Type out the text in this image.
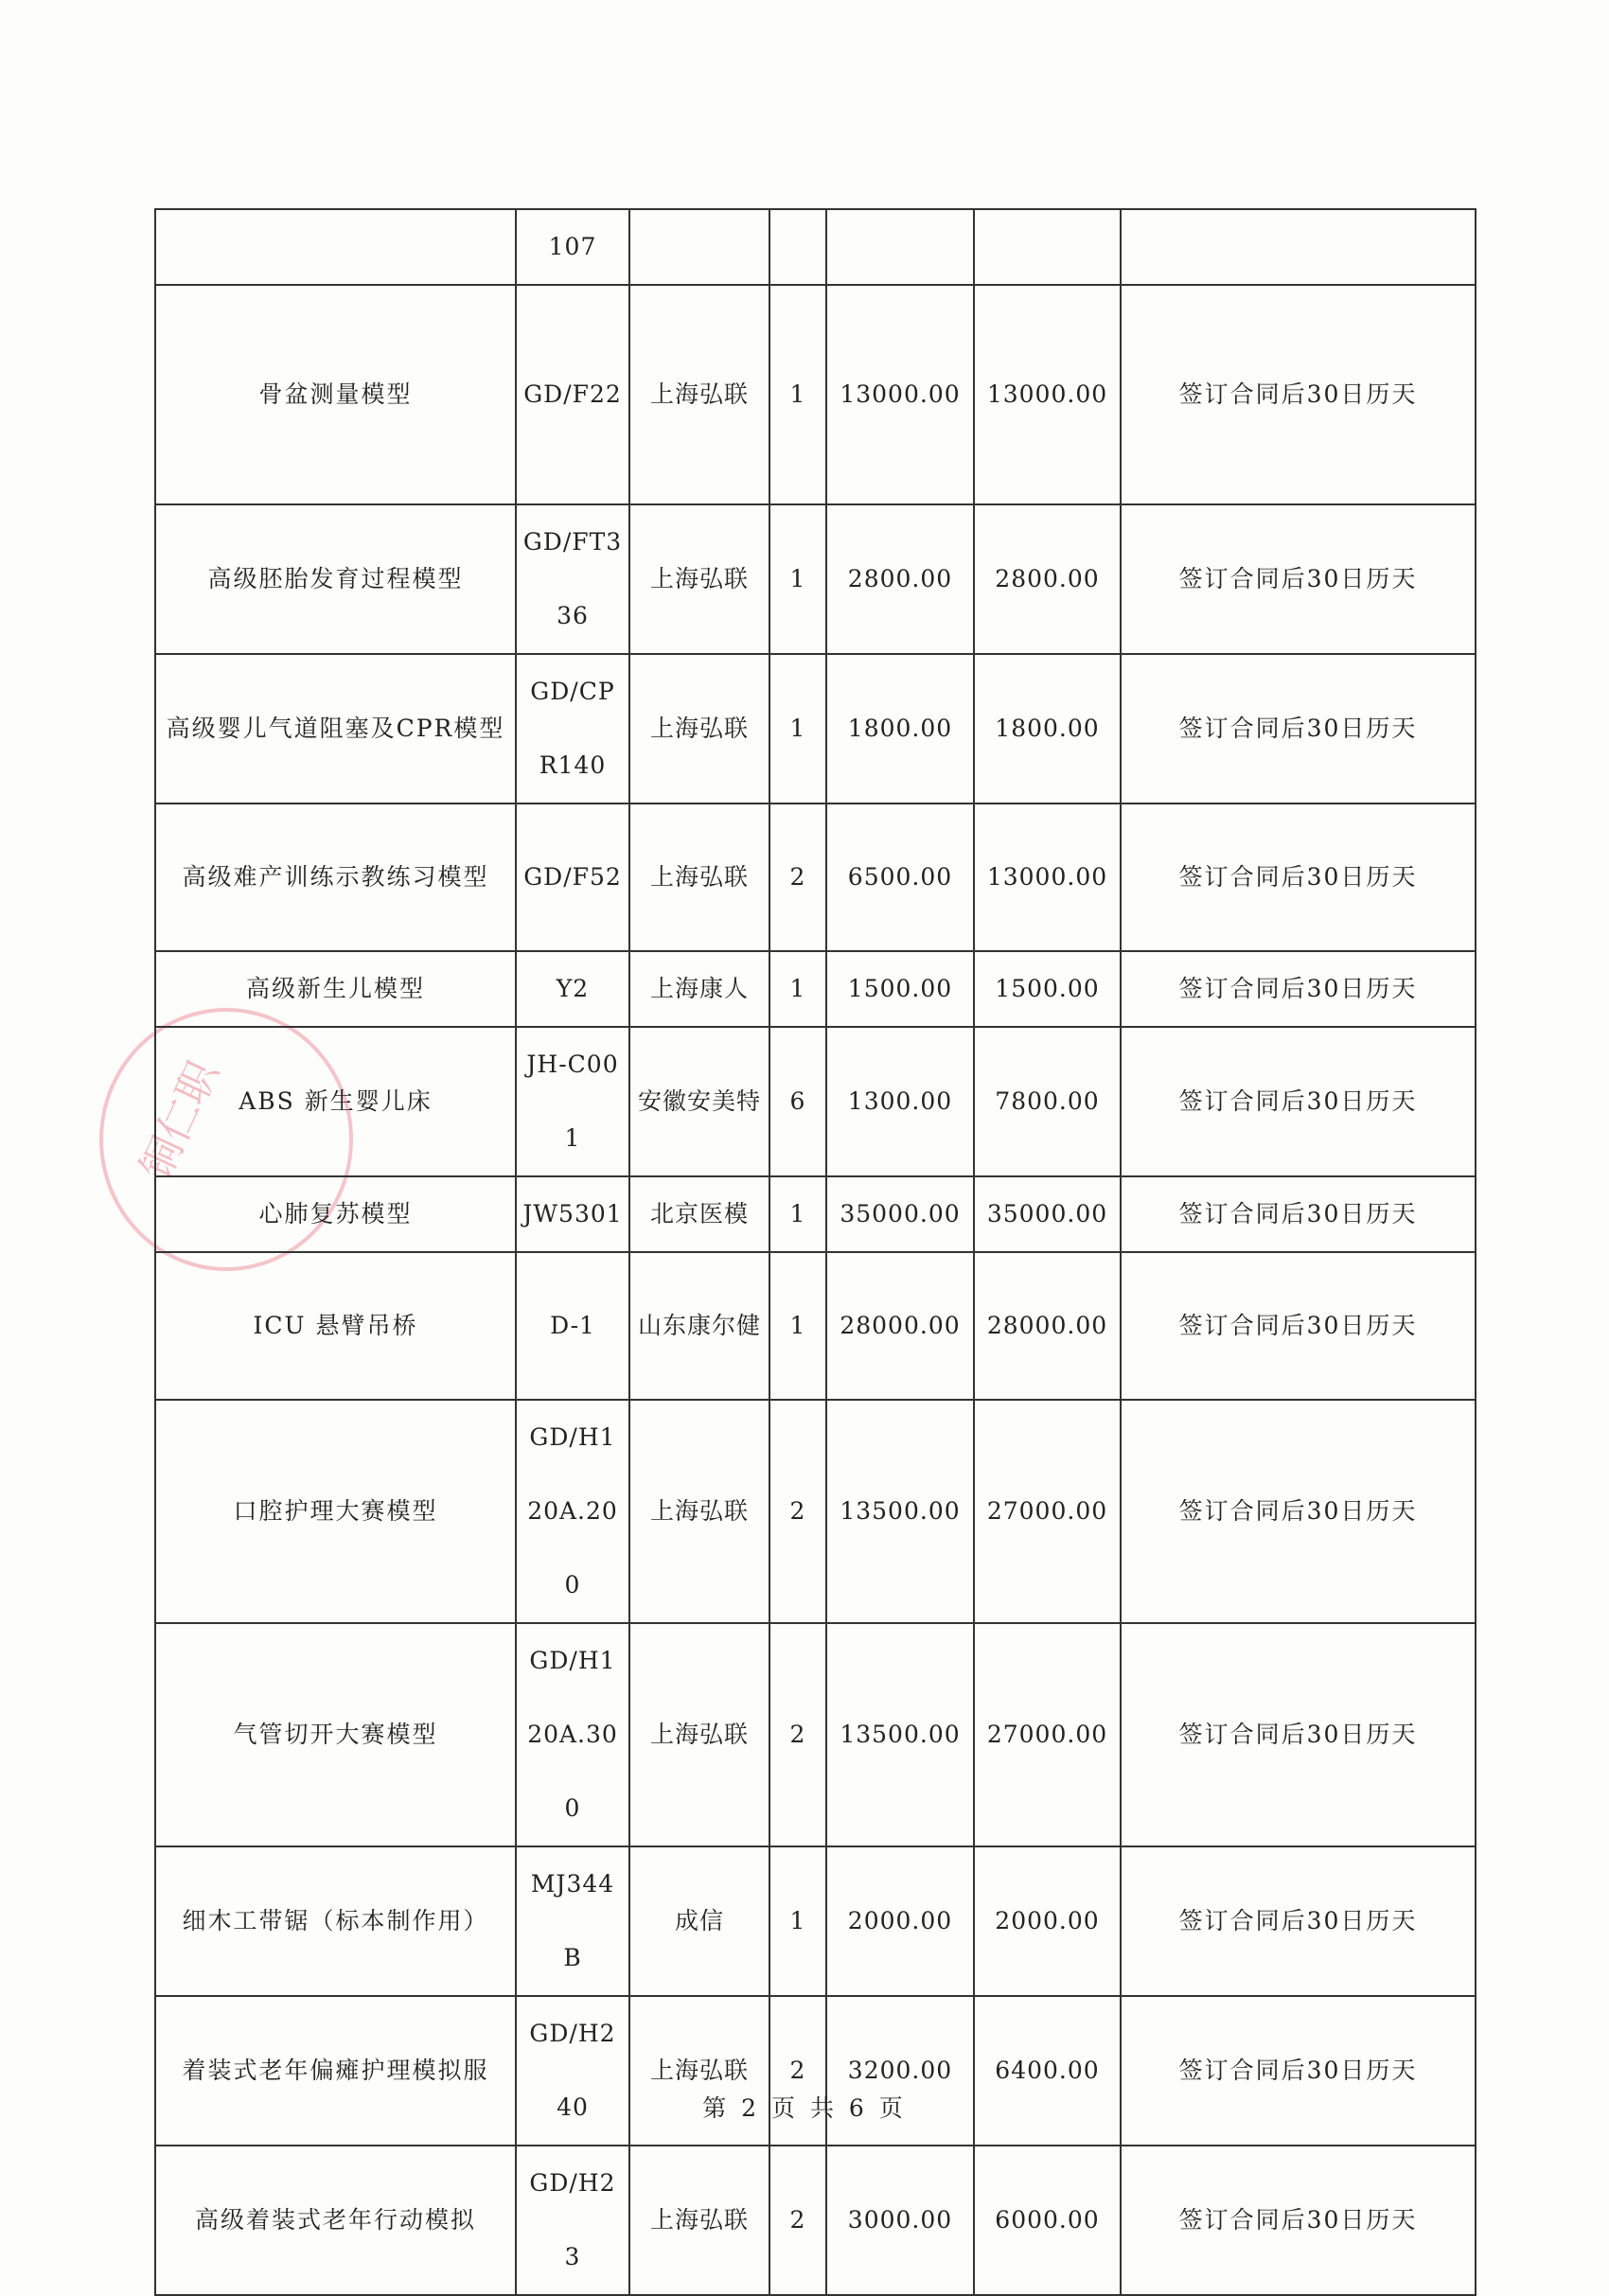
铜仁职
	107					
骨盆测量模型	GD/F22	上海弘联	1	13000.00	13000.00	签订合同后30日历天
高级胚胎发育过程模型	GD/FT336	上海弘联	1	2800.00	2800.00	签订合同后30日历天
高级婴儿气道阻塞及CPR模型	GD/CPR140	上海弘联	1	1800.00	1800.00	签订合同后30日历天
高级难产训练示教练习模型	GD/F52	上海弘联	2	6500.00	13000.00	签订合同后30日历天
高级新生儿模型	Y2	上海康人	1	1500.00	1500.00	签订合同后30日历天
ABS 新生婴儿床	JH-C001	安徽安美特	6	1300.00	7800.00	签订合同后30日历天
心肺复苏模型	JW5301	北京医模	1	35000.00	35000.00	签订合同后30日历天
ICU 悬臂吊桥	D-1	山东康尔健	1	28000.00	28000.00	签订合同后30日历天
口腔护理大赛模型	GD/H120A.200	上海弘联	2	13500.00	27000.00	签订合同后30日历天
气管切开大赛模型	GD/H120A.300	上海弘联	2	13500.00	27000.00	签订合同后30日历天
细木工带锯（标本制作用）	MJ344B	成信	1	2000.00	2000.00	签订合同后30日历天
着装式老年偏瘫护理模拟服	GD/H240	上海弘联	2	3200.00	6400.00	签订合同后30日历天
高级着装式老年行动模拟	GD/H23	上海弘联	2	3000.00	6000.00	签订合同后30日历天
第 2 页 共 6 页
